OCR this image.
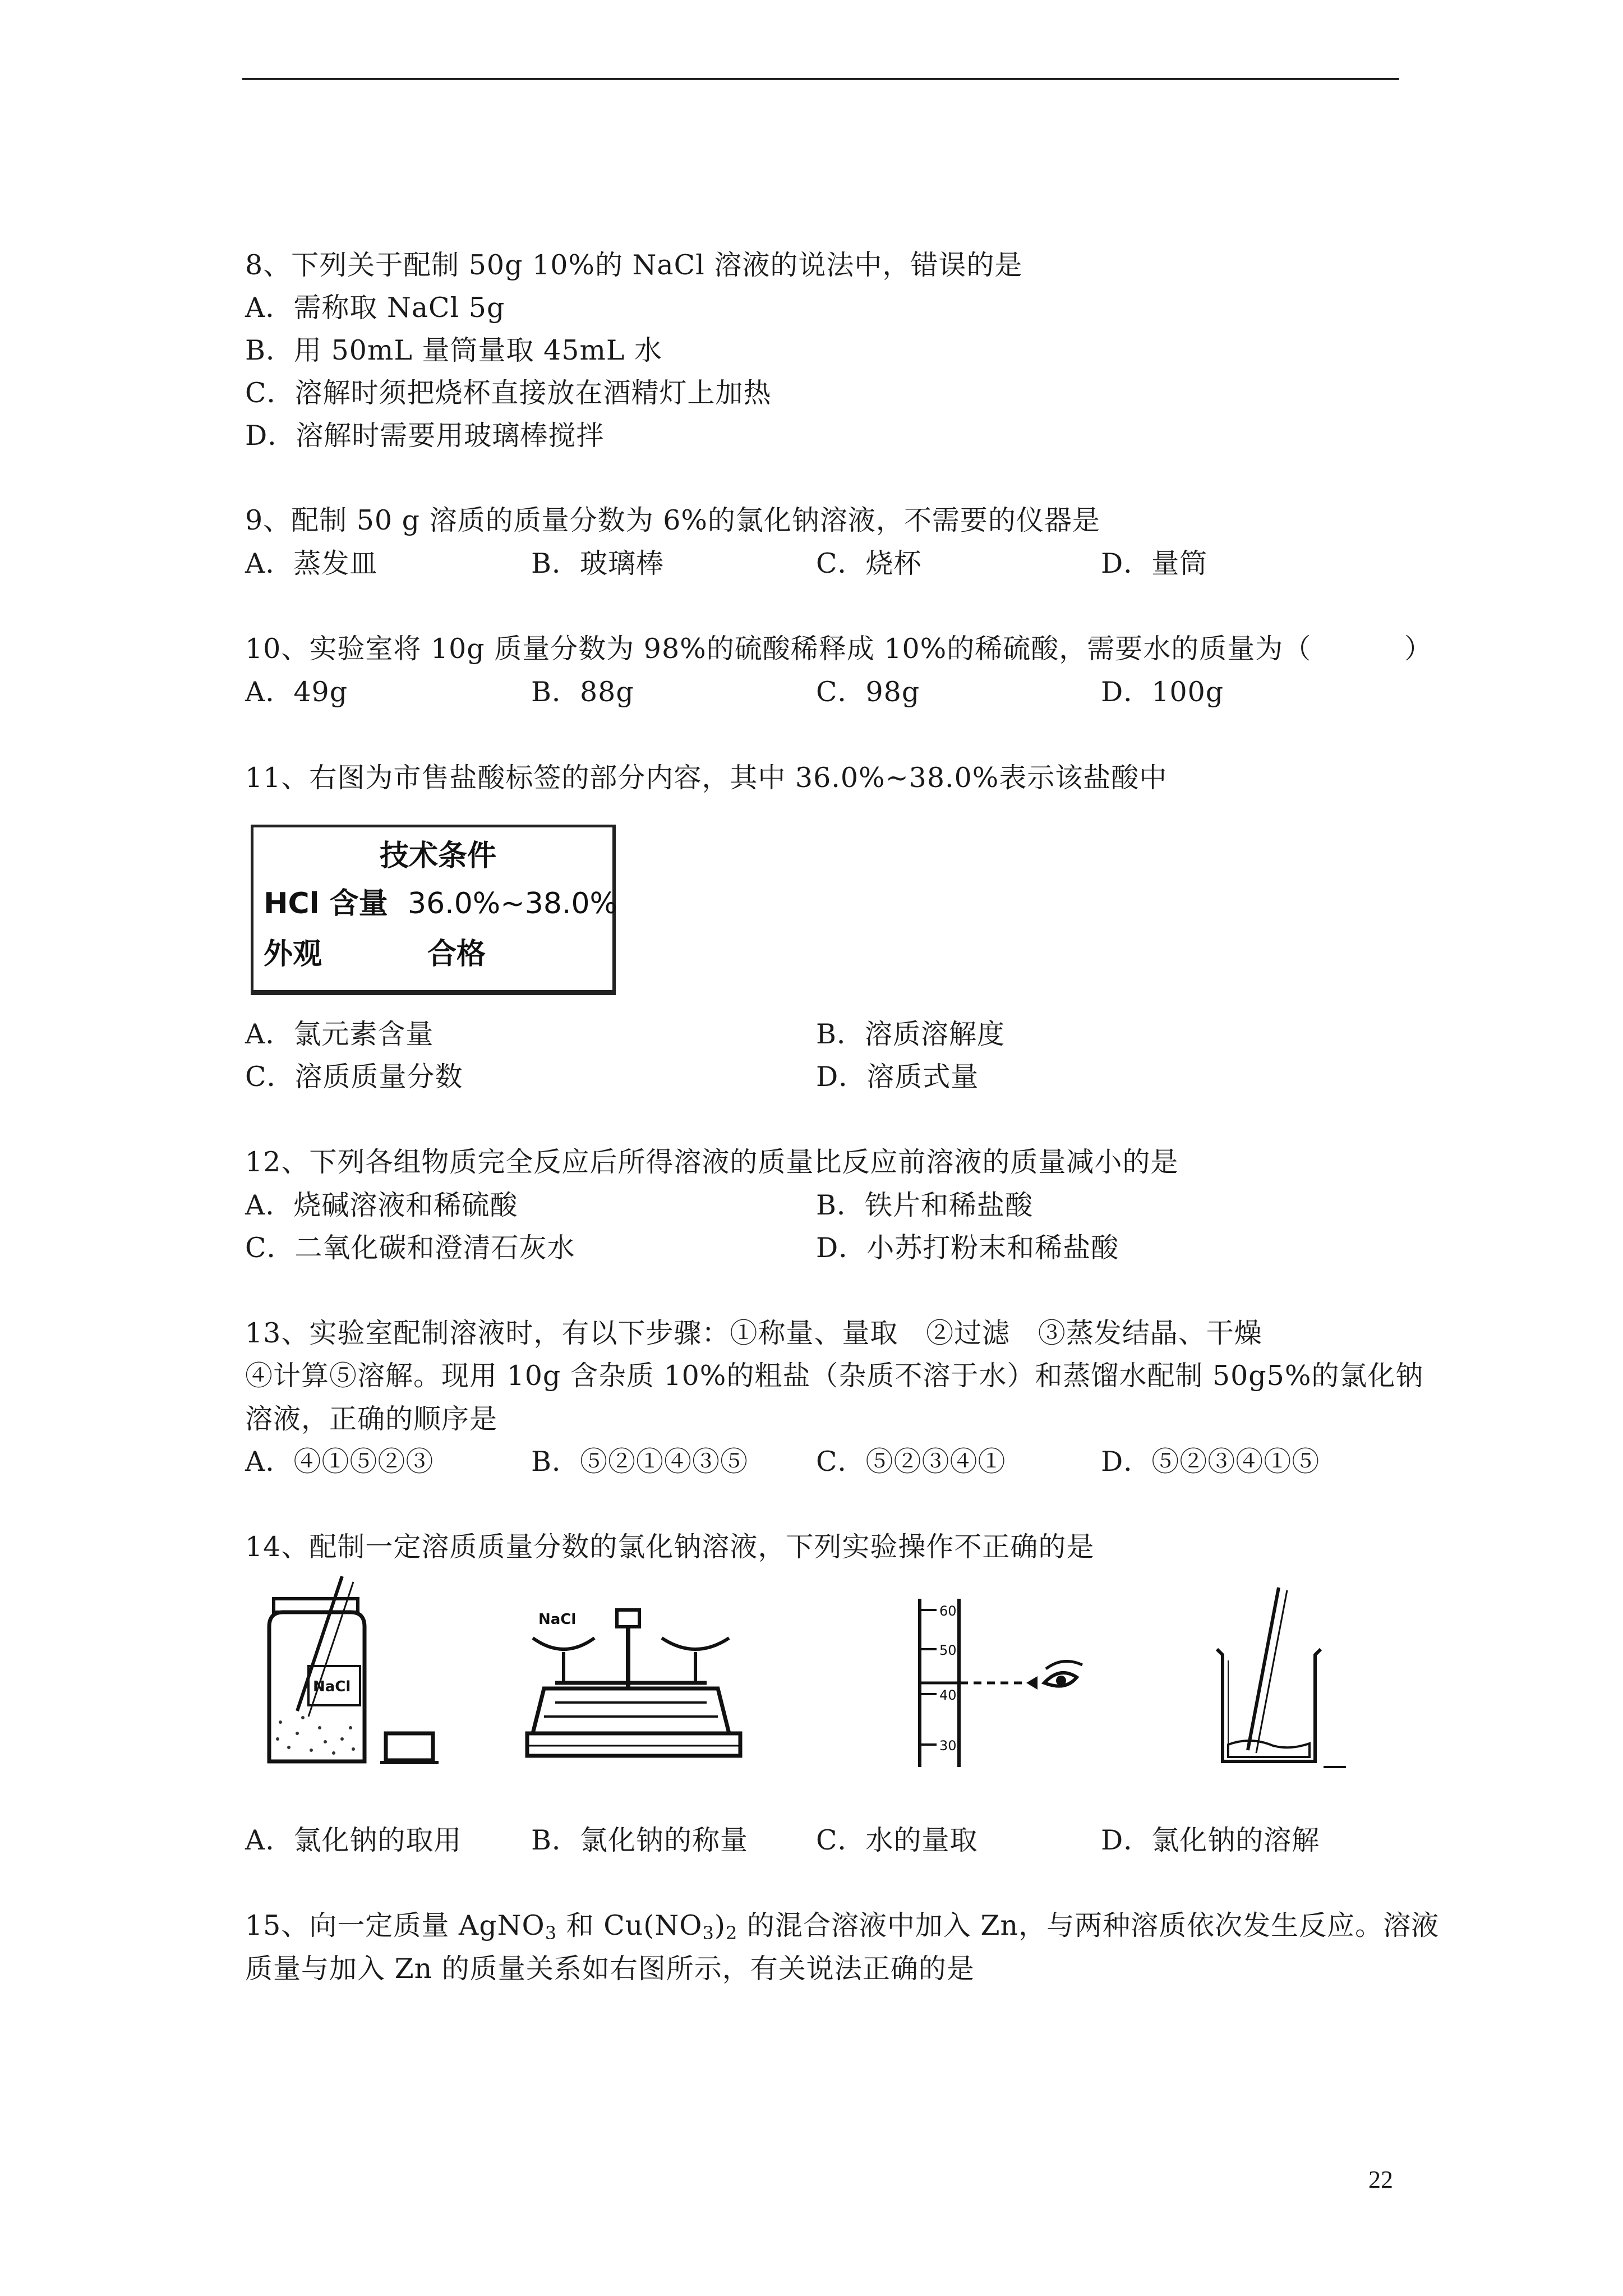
8、下列关于配制 50g 10%的 NaCl 溶液的说法中，错误的是
A．需称取 NaCl 5g
B．用 50mL 量筒量取 45mL 水
C．溶解时须把烧杯直接放在酒精灯上加热
D．溶解时需要用玻璃棒搅拌
9、配制 50 g 溶质的质量分数为 6%的氯化钠溶液，不需要的仪器是
A．蒸发皿	B．玻璃棒	C．烧杯	D．量筒
10、实验室将 10g 质量分数为 98%的硫酸稀释成 10%的稀硫酸，需要水的质量为（          ）
A．49g	B．88g	C．98g	D．100g
11、右图为市售盐酸标签的部分内容，其中 36.0%~38.0%表示该盐酸中
技术条件
HCl 含量 36.0%~38.0%
外观	合格
A．氯元素含量	B．溶质溶解度
C．溶质质量分数	D．溶质式量
12、下列各组物质完全反应后所得溶液的质量比反应前溶液的质量减小的是
A．烧碱溶液和稀硫酸	B．铁片和稀盐酸
C．二氧化碳和澄清石灰水	D．小苏打粉末和稀盐酸
13、实验室配制溶液时，有以下步骤：①称量、量取   ②过滤   ③蒸发结晶、干燥
④计算⑤溶解。现用 10g 含杂质 10%的粗盐（杂质不溶于水）和蒸馏水配制 50g5%的氯化钠
溶液，正确的顺序是
A．④①⑤②③	B．⑤②①④③⑤ C．⑤②③④①	D．⑤②③④①⑤
14、配制一定溶质质量分数的氯化钠溶液，下列实验操作不正确的是
NaCl
NaCl	60
50
40
30
A．氯化钠的取用	B．氯化钠的称量 C．水的量取	D．氯化钠的溶解
15、向一定质量 AgNO$_3$ 和 $Cu(NO_3)_2$ 的混合溶液中加入 Zn，与两种溶质依次发生反应。溶液
质量与加入 Zn 的质量关系如右图所示，有关说法正确的是
22
